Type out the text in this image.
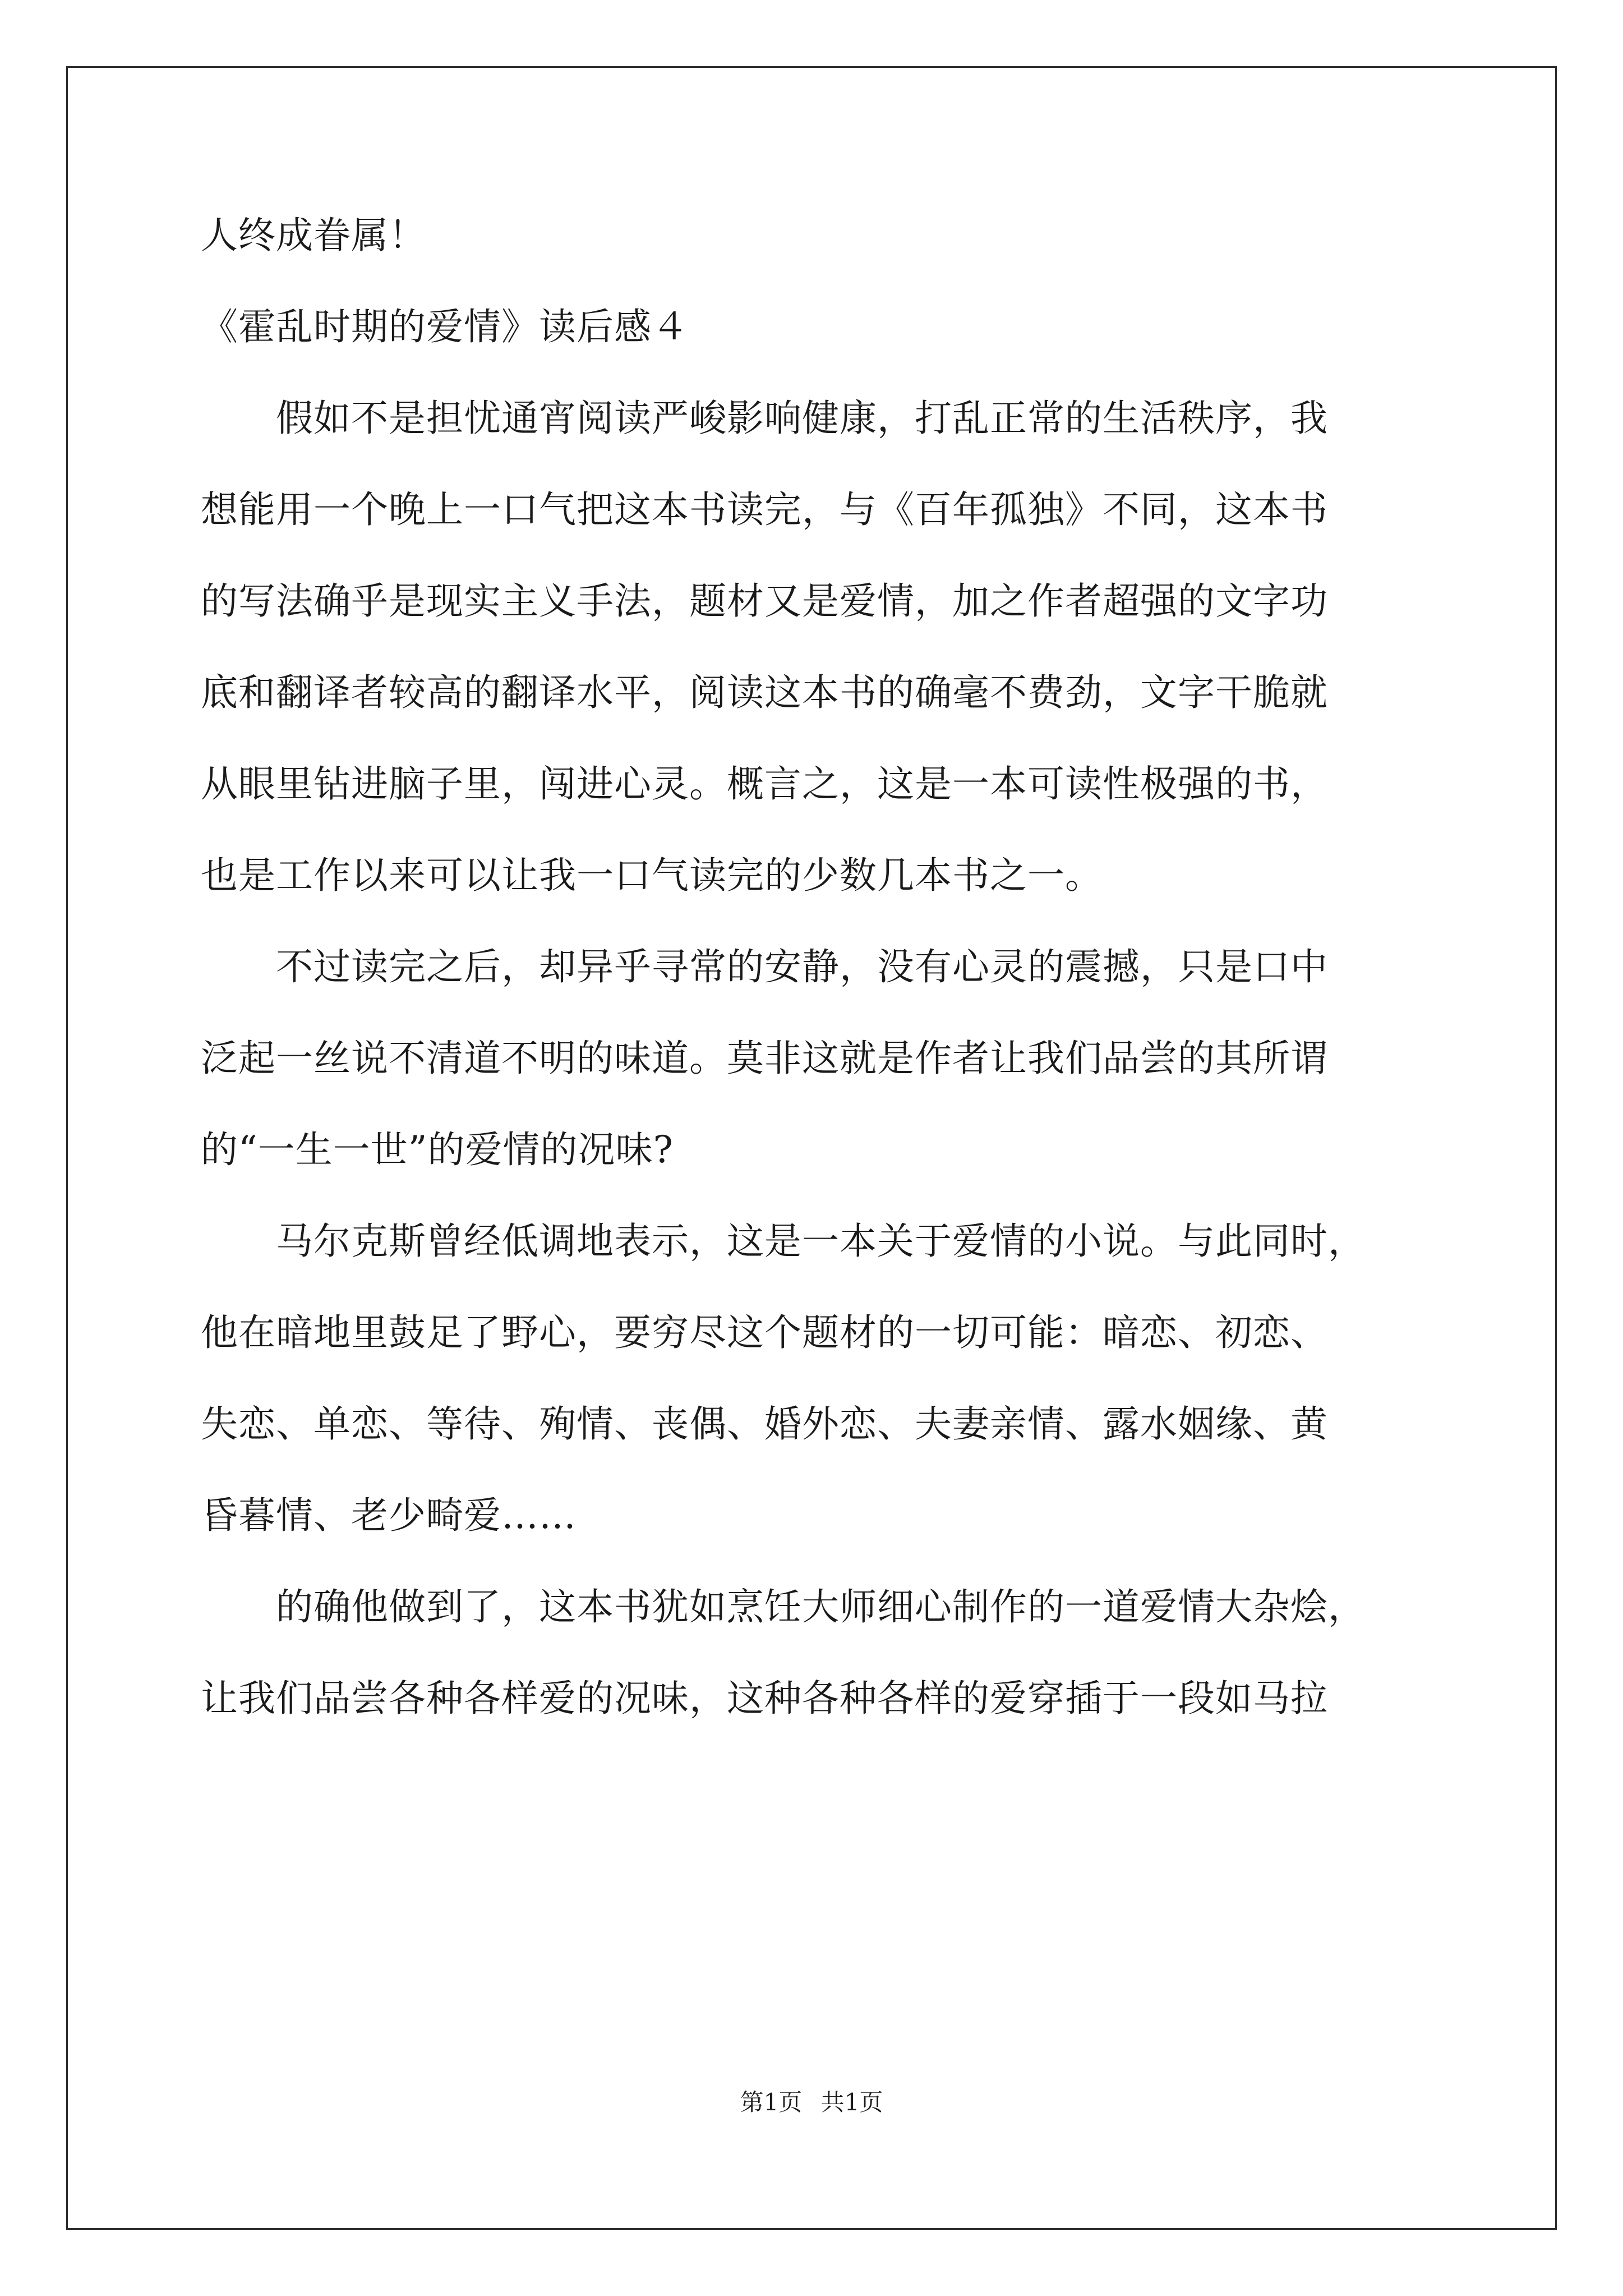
人终成眷属！
《霍乱时期的爱情》读后感４
　　假如不是担忧通宵阅读严峻影响健康，打乱正常的生活秩序，我
想能用一个晚上一口气把这本书读完，与《百年孤独》不同，这本书
的写法确乎是现实主义手法，题材又是爱情，加之作者超强的文字功
底和翻译者较高的翻译水平，阅读这本书的确毫不费劲，文字干脆就
从眼里钻进脑子里，闯进心灵。概言之，这是一本可读性极强的书，
也是工作以来可以让我一口气读完的少数几本书之一。
　　不过读完之后，却异乎寻常的安静，没有心灵的震撼，只是口中
泛起一丝说不清道不明的味道。莫非这就是作者让我们品尝的其所谓
的“一生一世”的爱情的况味?
　　马尔克斯曾经低调地表示，这是一本关于爱情的小说。与此同时，
他在暗地里鼓足了野心，要穷尽这个题材的一切可能：暗恋、初恋、
失恋、单恋、等待、殉情、丧偶、婚外恋、夫妻亲情、露水姻缘、黄
昏暮情、老少畸爱……
　　的确他做到了，这本书犹如烹饪大师细心制作的一道爱情大杂烩，
让我们品尝各种各样爱的况味，这种各种各样的爱穿插于一段如马拉
第1页 共1页
